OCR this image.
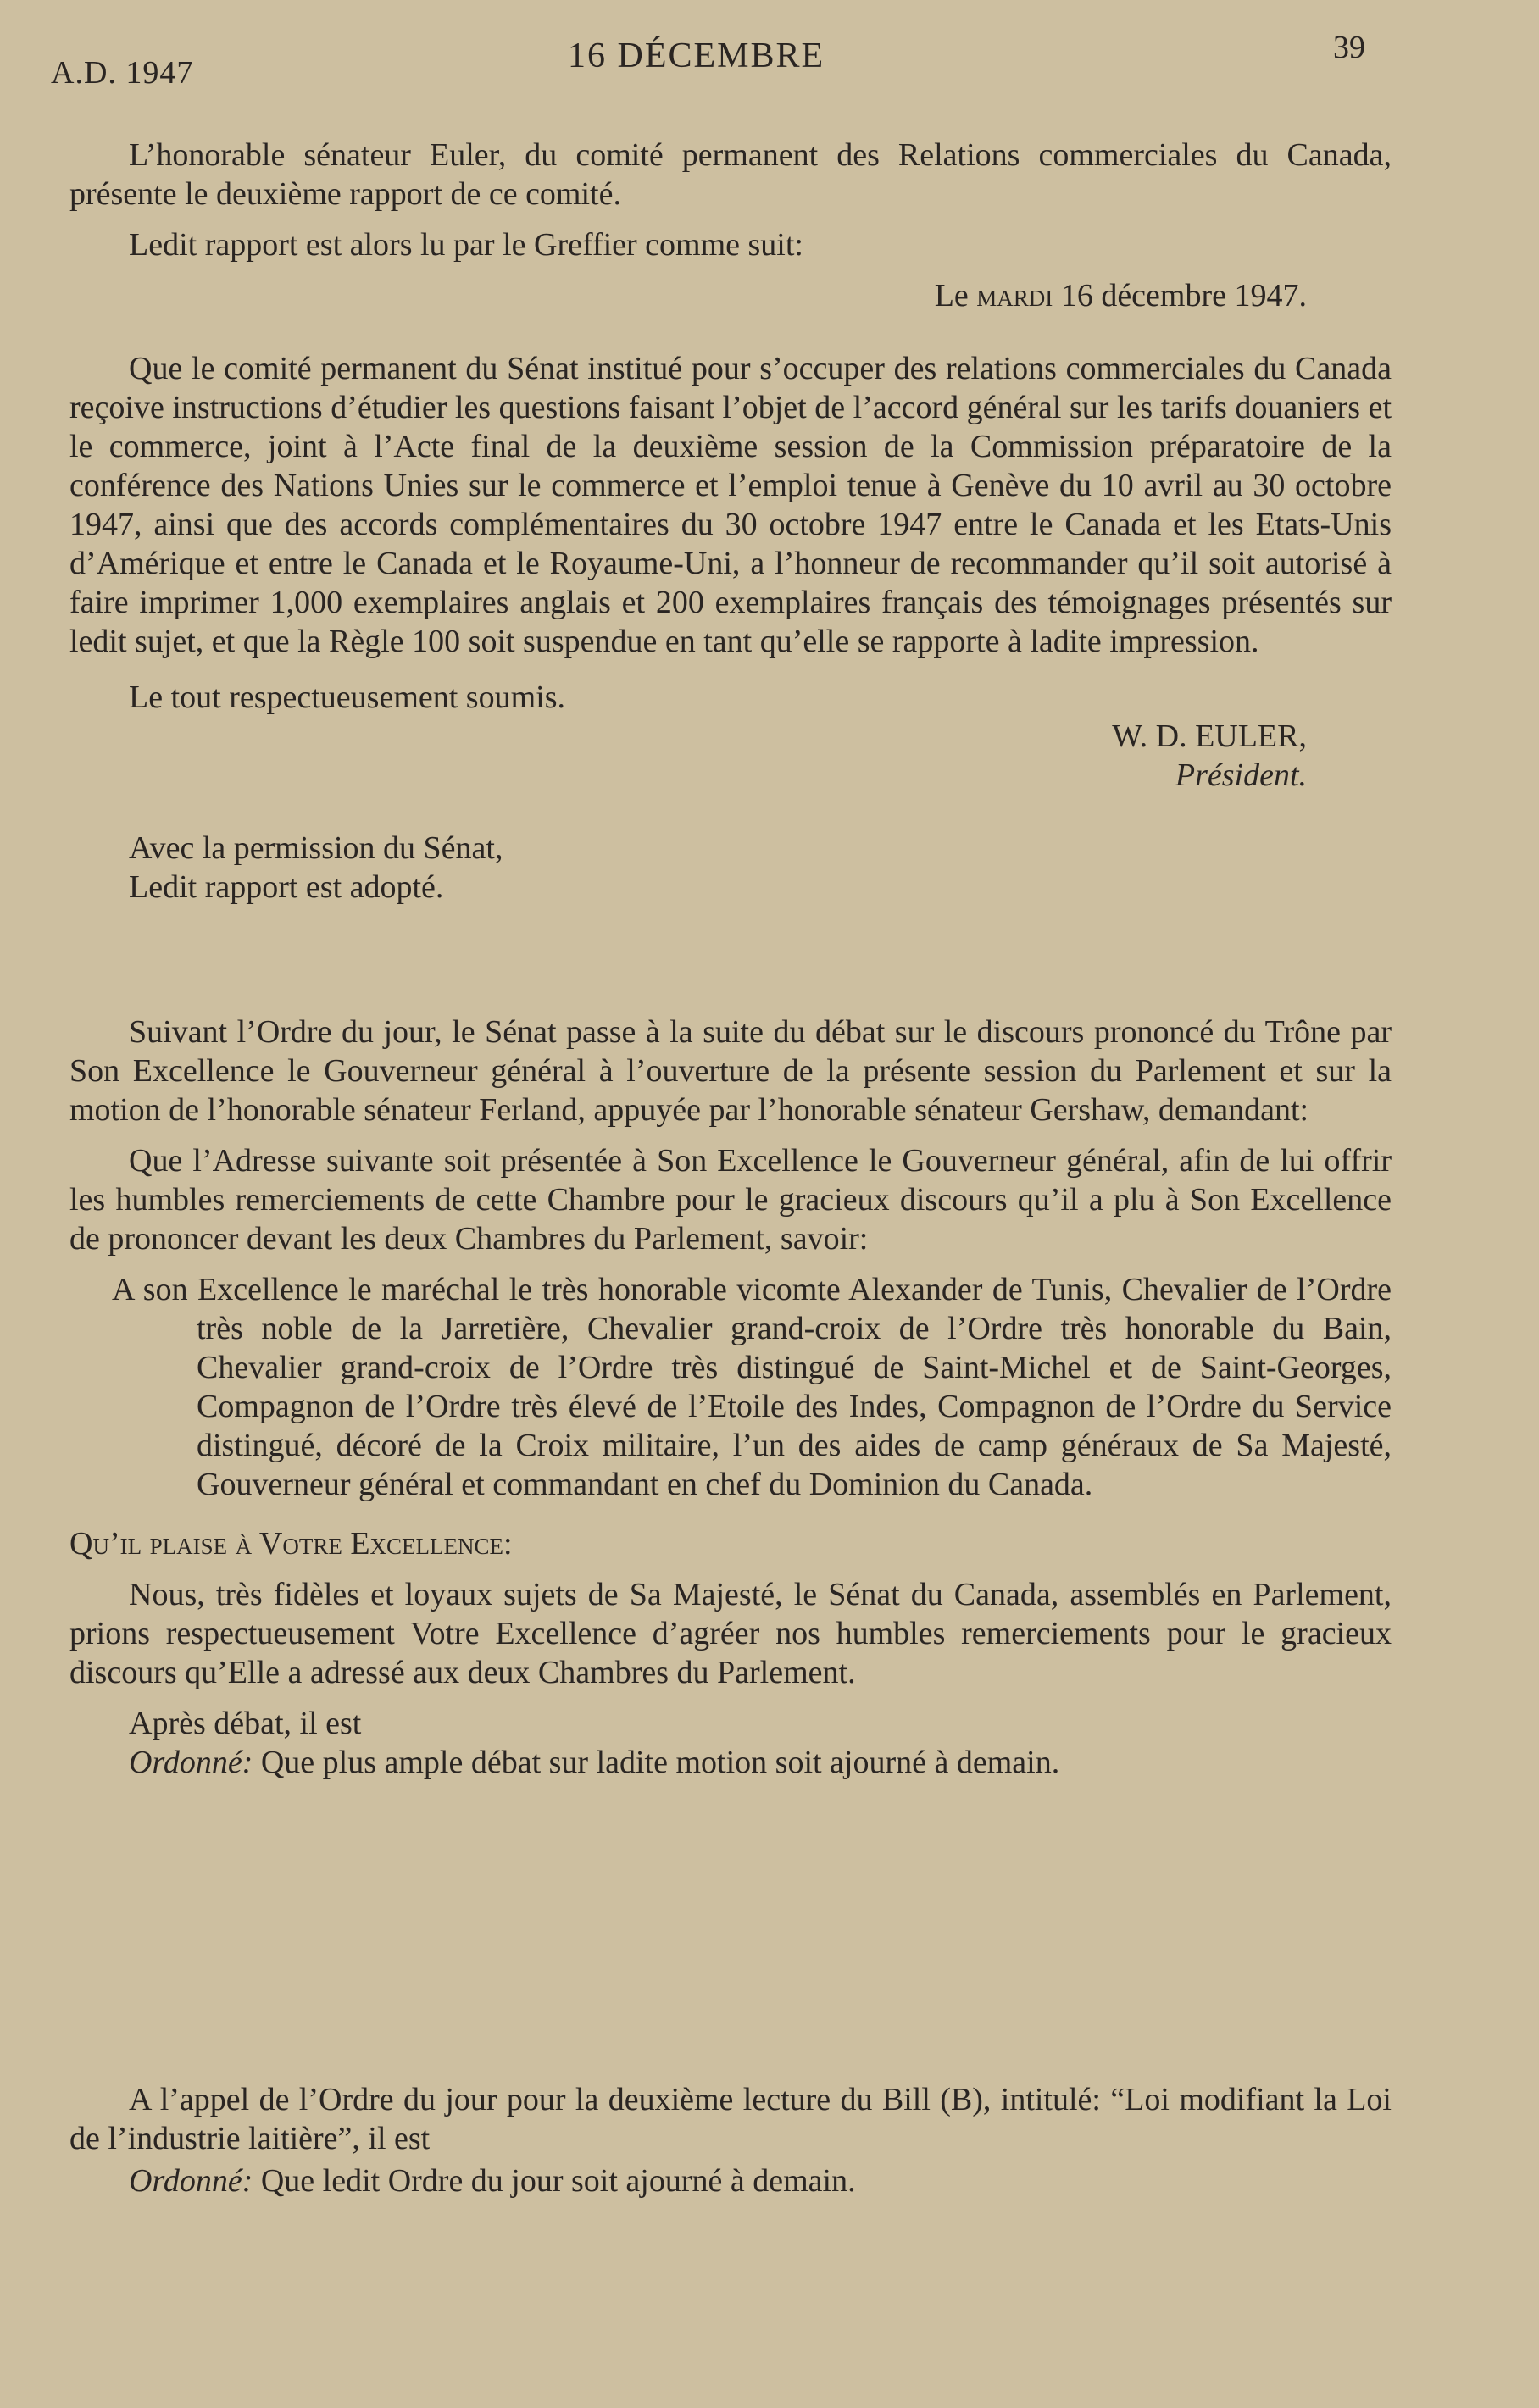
A.D. 1947	16 DÉCEMBRE	39

L’honorable sénateur Euler, du comité permanent des Relations commerciales du Canada, présente le deuxième rapport de ce comité.

Ledit rapport est alors lu par le Greffier comme suit:

Le mardi 16 décembre 1947.

Que le comité permanent du Sénat institué pour s’occuper des relations commerciales du Canada reçoive instructions d’étudier les questions faisant l’objet de l’accord général sur les tarifs douaniers et le commerce, joint à l’Acte final de la deuxième session de la Commission préparatoire de la conférence des Nations Unies sur le commerce et l’emploi tenue à Genève du 10 avril au 30 octobre 1947, ainsi que des accords complémentaires du 30 octobre 1947 entre le Canada et les Etats-Unis d’Amérique et entre le Canada et le Royaume-Uni, a l’honneur de recommander qu’il soit autorisé à faire imprimer 1,000 exemplaires anglais et 200 exemplaires français des témoignages présentés sur ledit sujet, et que la Règle 100 soit suspendue en tant qu’elle se rapporte à ladite impression.

Le tout respectueusement soumis.

W. D. EULER,

Président.

Avec la permission du Sénat,

Ledit rapport est adopté.

Suivant l’Ordre du jour, le Sénat passe à la suite du débat sur le discours prononcé du Trône par Son Excellence le Gouverneur général à l’ouverture de la présente session du Parlement et sur la motion de l’honorable sénateur Ferland, appuyée par l’honorable sénateur Gershaw, demandant:

Que l’Adresse suivante soit présentée à Son Excellence le Gouverneur général, afin de lui offrir les humbles remerciements de cette Chambre pour le gracieux discours qu’il a plu à Son Excellence de prononcer devant les deux Chambres du Parlement, savoir:

A son Excellence le maréchal le très honorable vicomte Alexander de Tunis, Chevalier de l’Ordre très noble de la Jarretière, Chevalier grand-croix de l’Ordre très honorable du Bain, Chevalier grand-croix de l’Ordre très distingué de Saint-Michel et de Saint-Georges, Compagnon de l’Ordre très élevé de l’Etoile des Indes, Compagnon de l’Ordre du Service distingué, décoré de la Croix militaire, l’un des aides de camp généraux de Sa Majesté, Gouverneur général et commandant en chef du Dominion du Canada.

Qu’il plaise à Votre Excellence:

Nous, très fidèles et loyaux sujets de Sa Majesté, le Sénat du Canada, assemblés en Parlement, prions respectueusement Votre Excellence d’agréer nos humbles remerciements pour le gracieux discours qu’Elle a adressé aux deux Chambres du Parlement.

Après débat, il est

Ordonné: Que plus ample débat sur ladite motion soit ajourné à demain.

A l’appel de l’Ordre du jour pour la deuxième lecture du Bill (B), intitulé: “Loi modifiant la Loi de l’industrie laitière”, il est

Ordonné: Que ledit Ordre du jour soit ajourné à demain.
